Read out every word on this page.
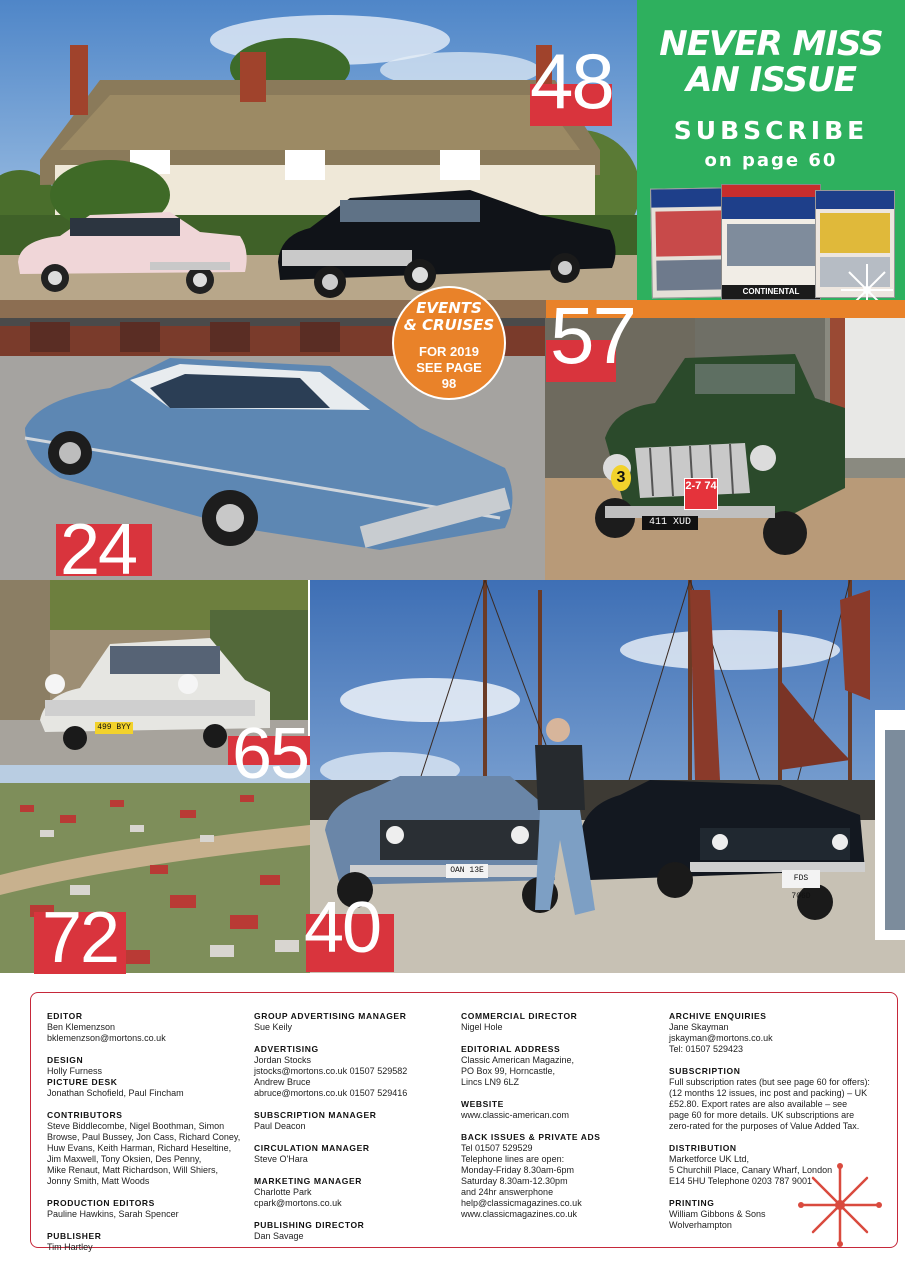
48	NEVER MISS
AN ISSUE
SUBSCRIBE
on page 60
CONTINENTAL
24
EVENTS
& CRUISES
FOR 2019
SEE PAGE
98
3	2-7 74
411 XUD
57
499 BYY 65
72
OAN 13E
FDS 706D
40
EDITOR

Ben Klemenzson
bklemenzson@mortons.co.uk

DESIGN

Holly Furness

PICTURE DESK

Jonathan Schofield, Paul Fincham

CONTRIBUTORS

Steve Biddlecombe, Nigel Boothman, Simon
Browse, Paul Bussey, Jon Cass, Richard Coney,
Huw Evans, Keith Harman, Richard Heseltine,
Jim Maxwell, Tony Oksien, Des Penny,
Mike Renaut, Matt Richardson, Will Shiers,
Jonny Smith, Matt Woods

PRODUCTION EDITORS

Pauline Hawkins, Sarah Spencer

PUBLISHER

Tim Hartley

GROUP ADVERTISING MANAGER

Sue Keily

ADVERTISING

Jordan Stocks
jstocks@mortons.co.uk 01507 529582
Andrew Bruce
abruce@mortons.co.uk 01507 529416

SUBSCRIPTION MANAGER

Paul Deacon

CIRCULATION MANAGER

Steve O'Hara

MARKETING MANAGER

Charlotte Park
cpark@mortons.co.uk

PUBLISHING DIRECTOR

Dan Savage

COMMERCIAL DIRECTOR

Nigel Hole

EDITORIAL ADDRESS

Classic American Magazine,
PO Box 99, Horncastle,
Lincs LN9 6LZ

WEBSITE

www.classic-american.com

BACK ISSUES & PRIVATE ADS

Tel 01507 529529
Telephone lines are open:
Monday-Friday 8.30am-6pm
Saturday 8.30am-12.30pm
and 24hr answerphone
help@classicmagazines.co.uk
www.classicmagazines.co.uk

ARCHIVE ENQUIRIES

Jane Skayman
jskayman@mortons.co.uk
Tel: 01507 529423

SUBSCRIPTION

Full subscription rates (but see page 60 for offers):
(12 months 12 issues, inc post and packing) – UK
£52.80. Export rates are also available – see
page 60 for more details. UK subscriptions are
zero-rated for the purposes of Value Added Tax.

DISTRIBUTION

Marketforce UK Ltd,
5 Churchill Place, Canary Wharf, London
E14 5HU Telephone 0203 787 9001

PRINTING

William Gibbons & Sons
Wolverhampton
